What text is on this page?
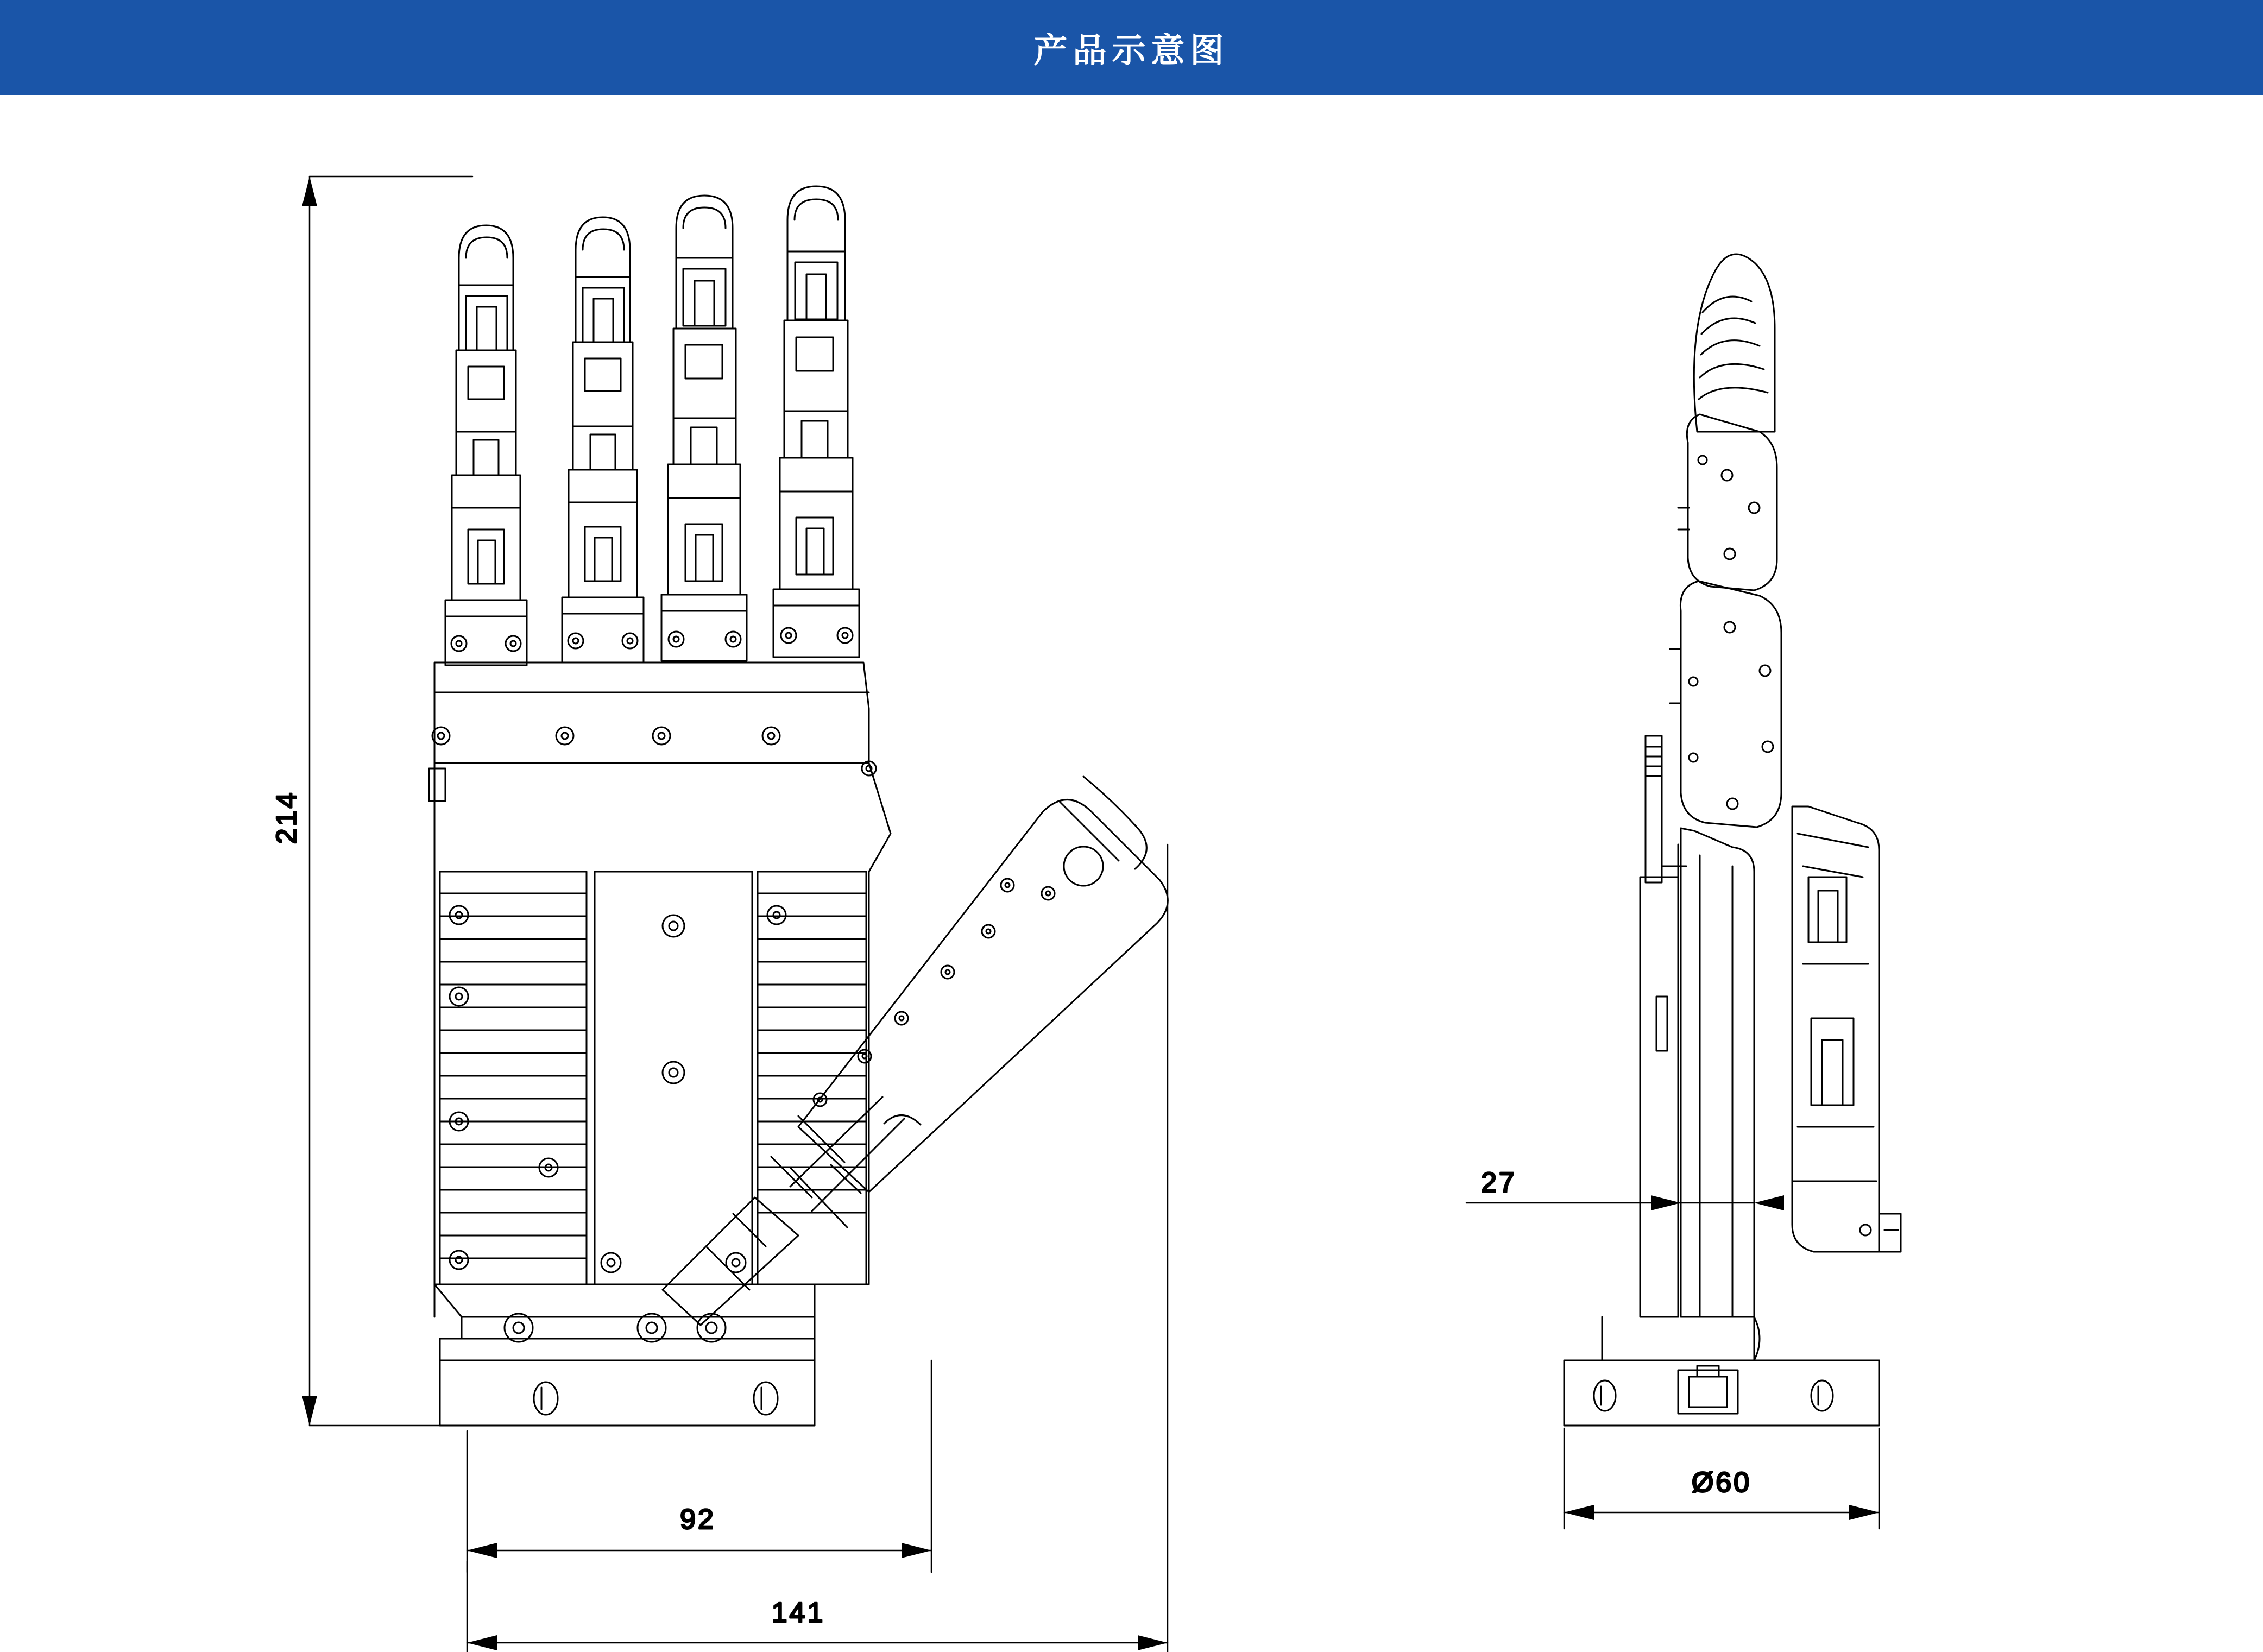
产品示意图
214
92
141
27
Ø60
